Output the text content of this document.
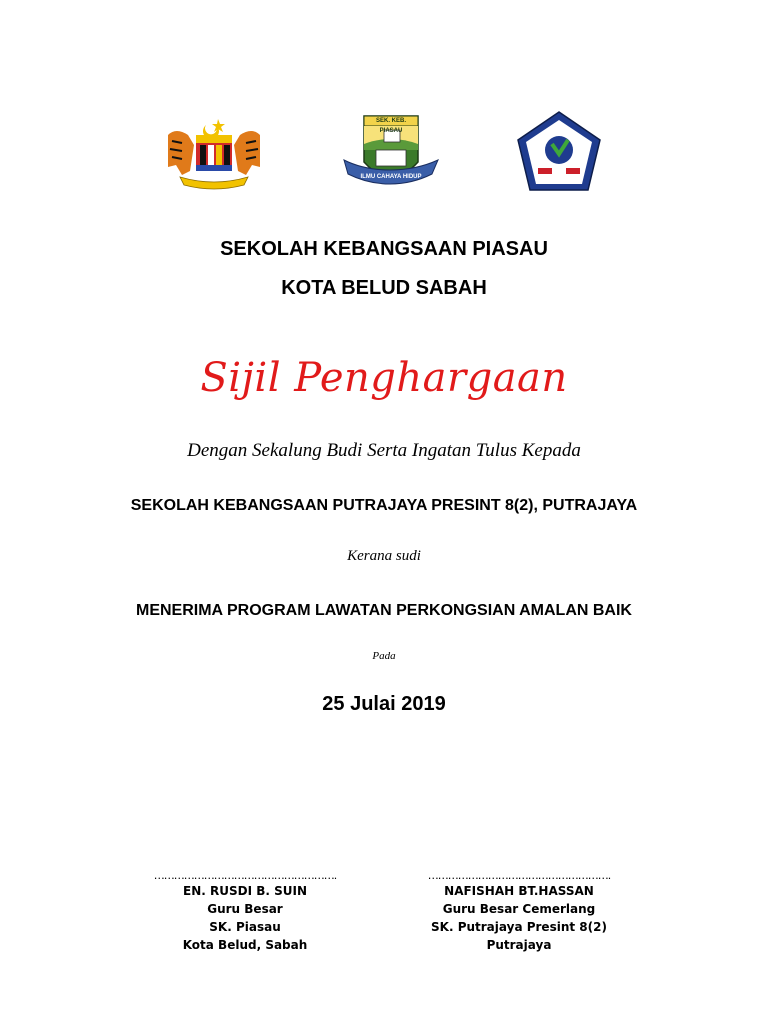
SEK. KEB. PIASAU
ILMU CAHAYA HIDUP
SEKOLAH KEBANGSAAN PIASAU
KOTA BELUD SABAH
Sijil Penghargaan
Dengan Sekalung Budi Serta Ingatan Tulus Kepada
SEKOLAH KEBANGSAAN PUTRAJAYA PRESINT 8(2), PUTRAJAYA
Kerana sudi
MENERIMA PROGRAM LAWATAN PERKONGSIAN AMALAN BAIK
Pada
25 Julai 2019
……………………………………………….
EN. RUSDI B. SUIN
Guru Besar
SK. Piasau
Kota Belud, Sabah
……………………………………………….
NAFISHAH BT.HASSAN
Guru Besar Cemerlang
SK. Putrajaya Presint 8(2)
Putrajaya
